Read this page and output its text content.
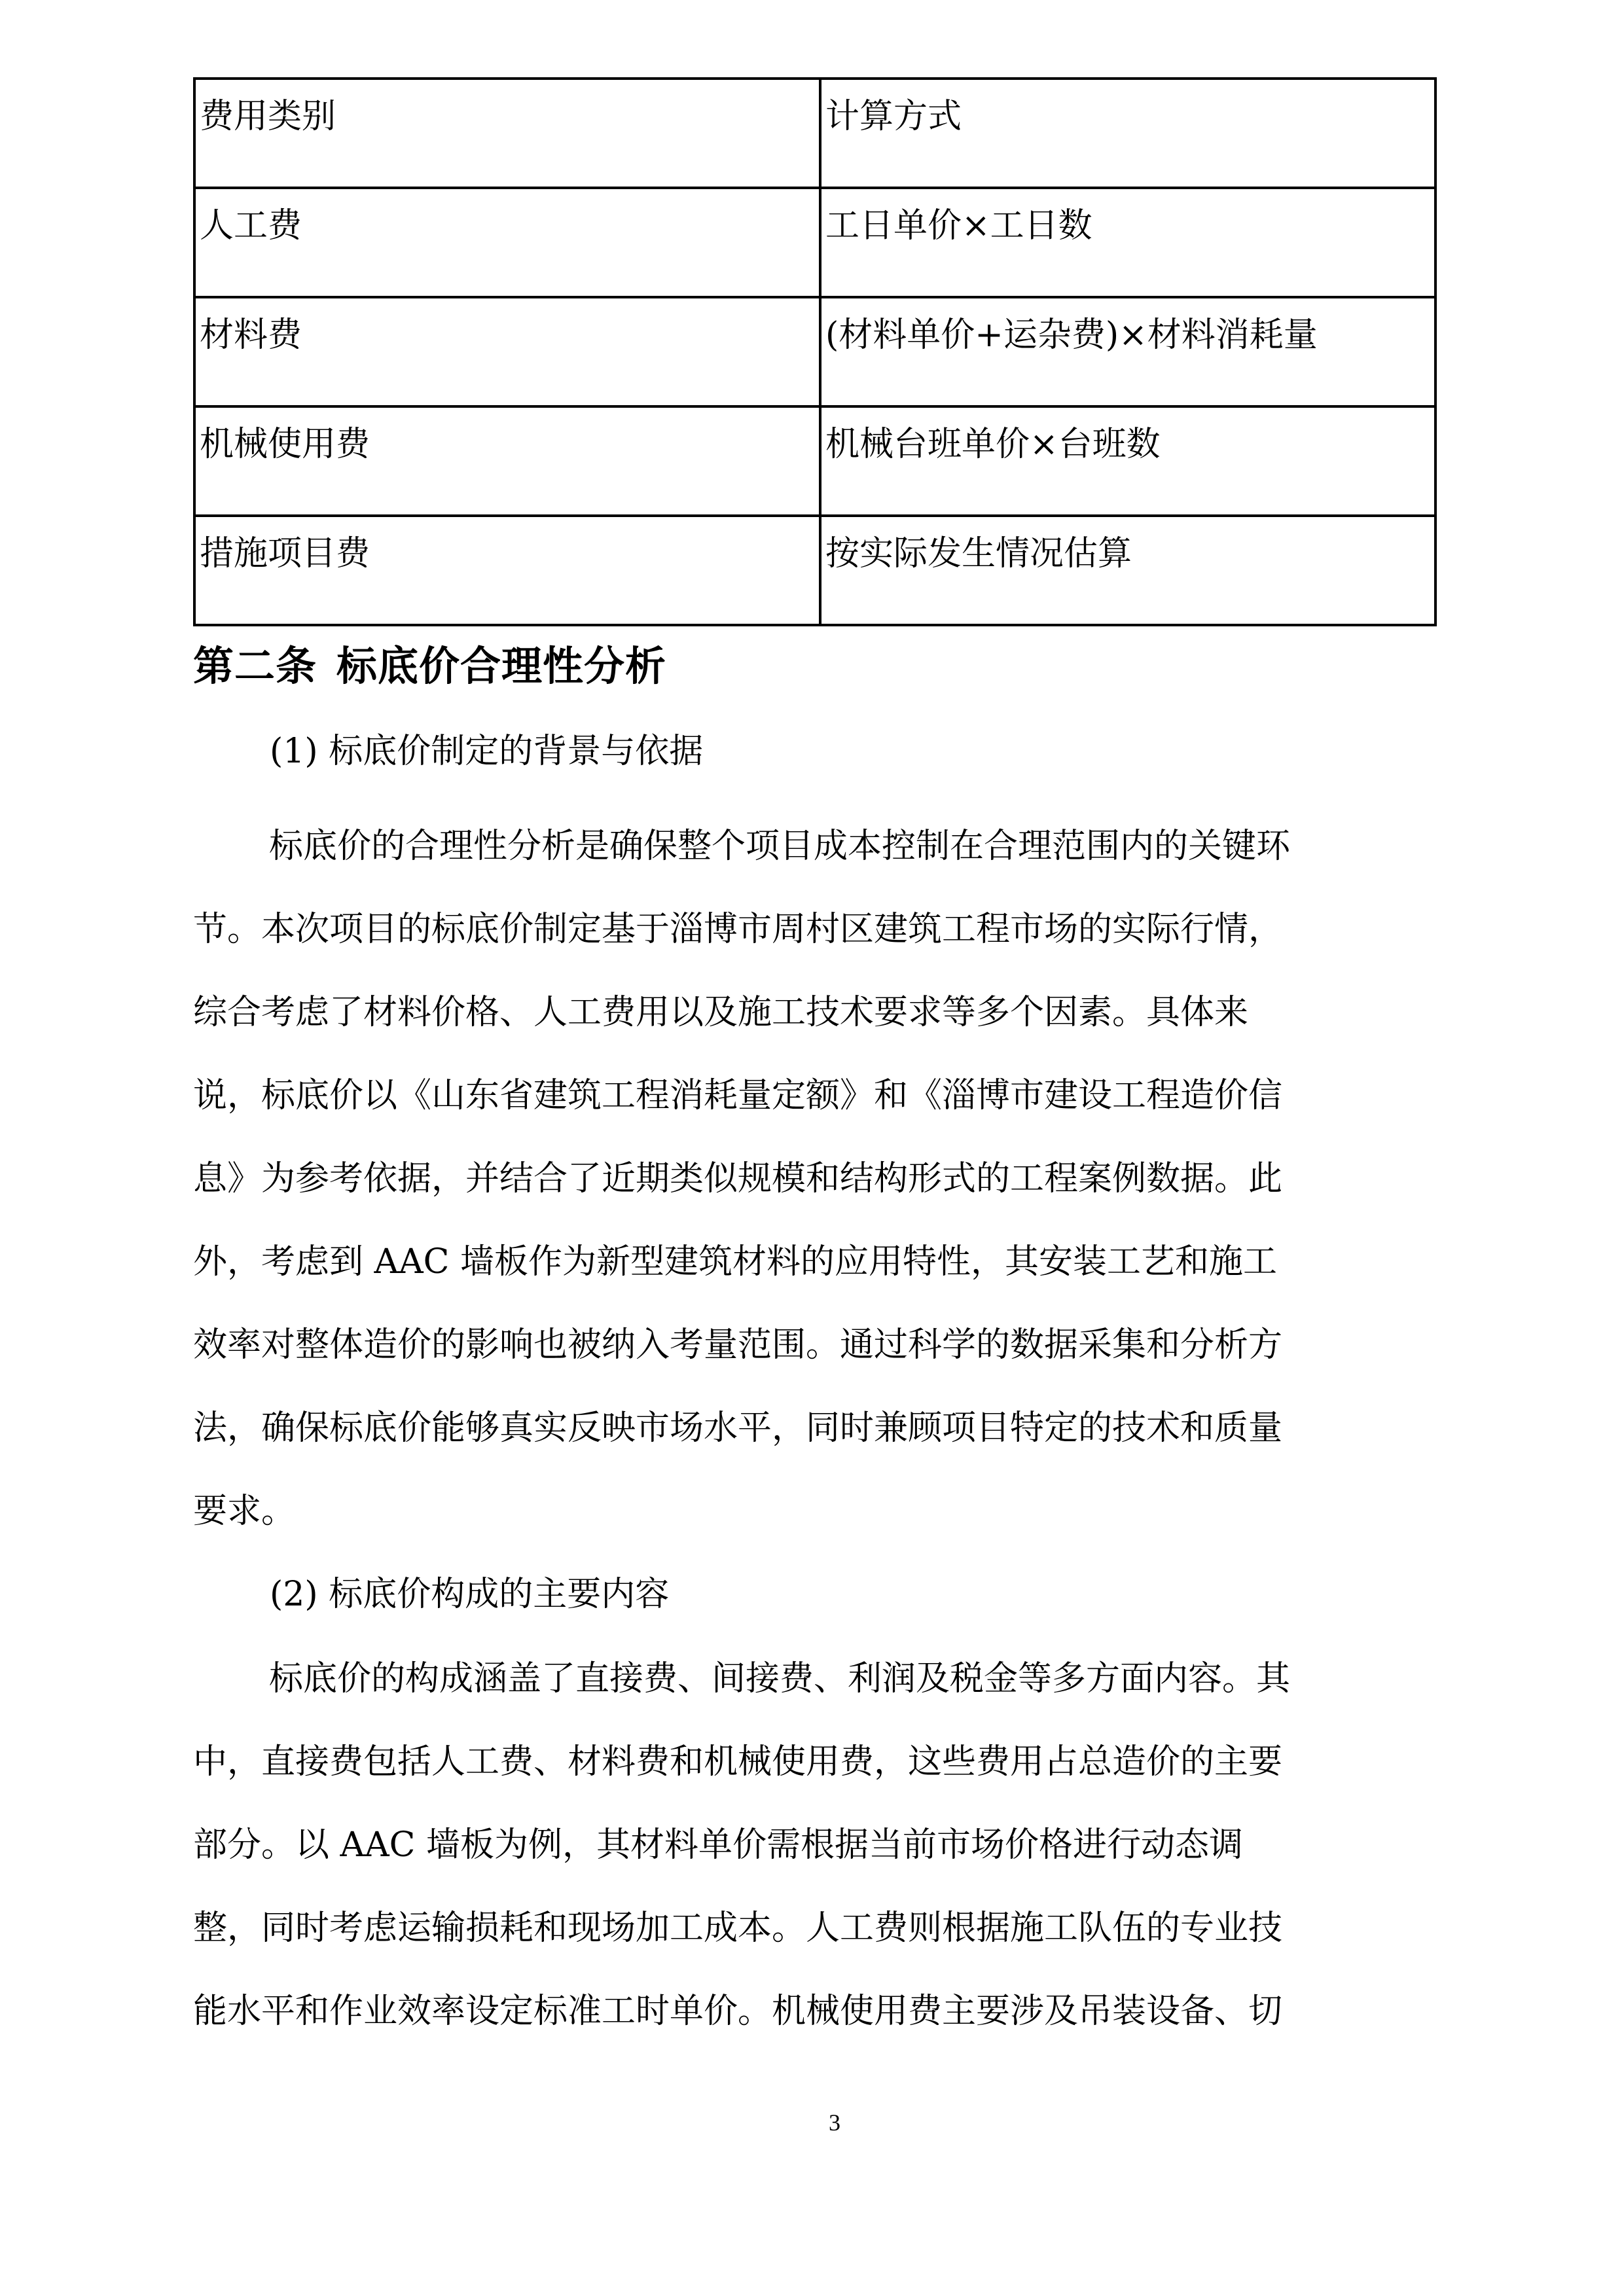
费用类别	计算方式
人工费	工日单价×工日数
材料费	(材料单价+运杂费)×材料消耗量
机械使用费	机械台班单价×台班数
措施项目费	按实际发生情况估算
第二条 标底价合理性分析
(1) 标底价制定的背景与依据
标底价的合理性分析是确保整个项目成本控制在合理范围内的关键环
节。本次项目的标底价制定基于淄博市周村区建筑工程市场的实际行情，
综合考虑了材料价格、人工费用以及施工技术要求等多个因素。具体来
说，标底价以《山东省建筑工程消耗量定额》和《淄博市建设工程造价信
息》为参考依据，并结合了近期类似规模和结构形式的工程案例数据。此
外，考虑到 AAC 墙板作为新型建筑材料的应用特性，其安装工艺和施工
效率对整体造价的影响也被纳入考量范围。通过科学的数据采集和分析方
法，确保标底价能够真实反映市场水平，同时兼顾项目特定的技术和质量
要求。
(2) 标底价构成的主要内容
标底价的构成涵盖了直接费、间接费、利润及税金等多方面内容。其
中，直接费包括人工费、材料费和机械使用费，这些费用占总造价的主要
部分。以 AAC 墙板为例，其材料单价需根据当前市场价格进行动态调
整，同时考虑运输损耗和现场加工成本。人工费则根据施工队伍的专业技
能水平和作业效率设定标准工时单价。机械使用费主要涉及吊装设备、切
3
